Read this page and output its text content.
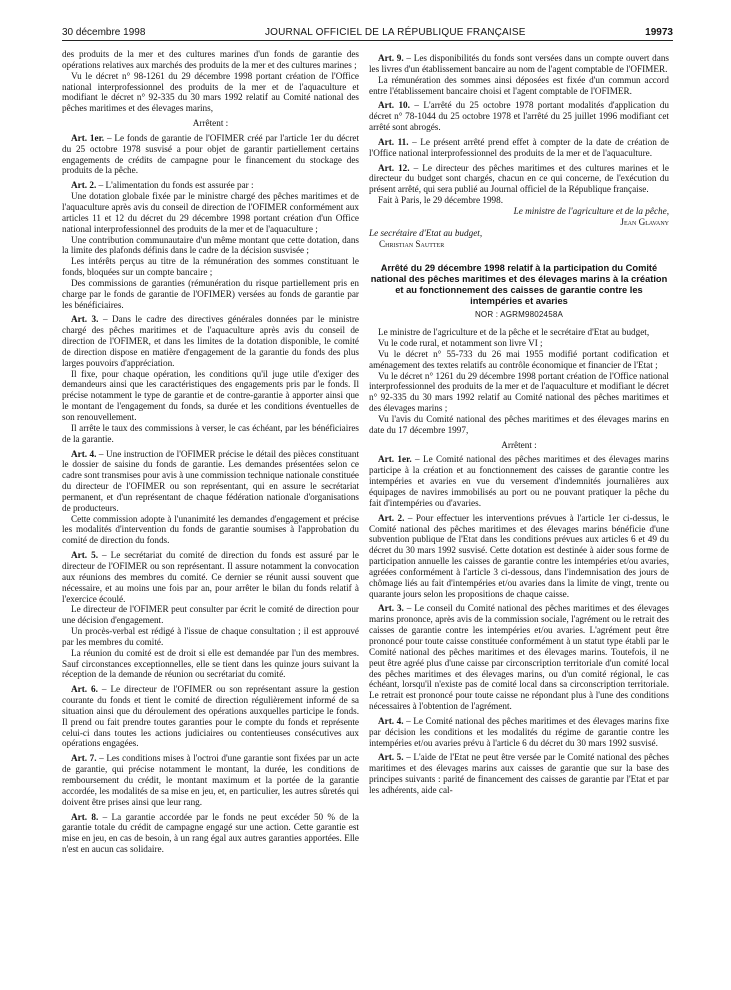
30 décembre 1998	JOURNAL OFFICIEL DE LA RÉPUBLIQUE FRANÇAISE	19973

des produits de la mer et des cultures marines d'un fonds de garantie des opérations relatives aux marchés des produits de la mer et des cultures marines ;

Vu le décret n° 98-1261 du 29 décembre 1998 portant création de l'Office national interprofessionnel des produits de la mer et de l'aquaculture et modifiant le décret n° 92-335 du 30 mars 1992 relatif au Comité national des pêches maritimes et des élevages marins,

Arrêtent :

Art. 1er. – Le fonds de garantie de l'OFIMER créé par l'article 1er du décret du 25 octobre 1978 susvisé a pour objet de garantir partiellement certains engagements de crédits de campagne pour le financement du stockage des produits de la pêche.

Art. 2. – L'alimentation du fonds est assurée par :

Une dotation globale fixée par le ministre chargé des pêches maritimes et de l'aquaculture après avis du conseil de direction de l'OFIMER conformément aux articles 11 et 12 du décret du 29 décembre 1998 portant création d'un Office national interprofessionnel des produits de la mer et de l'aquaculture ;

Une contribution communautaire d'un même montant que cette dotation, dans la limite des plafonds définis dans le cadre de la décision susvisée ;

Les intérêts perçus au titre de la rémunération des sommes constituant le fonds, bloquées sur un compte bancaire ;

Des commissions de garanties (rémunération du risque partiellement pris en charge par le fonds de garantie de l'OFIMER) versées au fonds de garantie par les bénéficiaires.

Art. 3. – Dans le cadre des directives générales données par le ministre chargé des pêches maritimes et de l'aquaculture après avis du conseil de direction de l'OFIMER, et dans les limites de la dotation disponible, le comité de direction dispose en matière d'engagement de la garantie du fonds des plus larges pouvoirs d'appréciation.

Il fixe, pour chaque opération, les conditions qu'il juge utile d'exiger des demandeurs ainsi que les caractéristiques des engagements pris par le fonds. Il précise notamment le type de garantie et de contre-garantie à apporter ainsi que le montant de l'engagement du fonds, sa durée et les conditions éventuelles de son renouvellement.

Il arrête le taux des commissions à verser, le cas échéant, par les bénéficiaires de la garantie.

Art. 4. – Une instruction de l'OFIMER précise le détail des pièces constituant le dossier de saisine du fonds de garantie. Les demandes présentées selon ce cadre sont transmises pour avis à une commission technique nationale constituée du directeur de l'OFIMER ou son représentant, qui en assure le secrétariat permanent, et d'un représentant de chaque fédération nationale d'organisations de producteurs.

Cette commission adopte à l'unanimité les demandes d'engagement et précise les modalités d'intervention du fonds de garantie soumises à l'approbation du comité de direction du fonds.

Art. 5. – Le secrétariat du comité de direction du fonds est assuré par le directeur de l'OFIMER ou son représentant. Il assure notamment la convocation aux réunions des membres du comité. Ce dernier se réunit aussi souvent que nécessaire, et au moins une fois par an, pour arrêter le bilan du fonds relatif à l'exercice écoulé.

Le directeur de l'OFIMER peut consulter par écrit le comité de direction pour une décision d'engagement.

Un procès-verbal est rédigé à l'issue de chaque consultation ; il est approuvé par les membres du comité.

La réunion du comité est de droit si elle est demandée par l'un des membres. Sauf circonstances exceptionnelles, elle se tient dans les quinze jours suivant la réception de la demande de réunion ou secrétariat du comité.

Art. 6. – Le directeur de l'OFIMER ou son représentant assure la gestion courante du fonds et tient le comité de direction régulièrement informé de sa situation ainsi que du déroulement des opérations auxquelles participe le fonds. Il prend ou fait prendre toutes garanties pour le compte du fonds et représente celui-ci dans toutes les actions judiciaires ou contentieuses consécutives aux opérations engagées.

Art. 7. – Les conditions mises à l'octroi d'une garantie sont fixées par un acte de garantie, qui précise notamment le montant, la durée, les conditions de remboursement du crédit, le montant maximum et la portée de la garantie accordée, les modalités de sa mise en jeu, et, en particulier, les autres sûretés qui doivent être prises ainsi que leur rang.

Art. 8. – La garantie accordée par le fonds ne peut excéder 50 % de la garantie totale du crédit de campagne engagé sur une action. Cette garantie est mise en jeu, en cas de besoin, à un rang égal aux autres garanties apportées. Elle n'est en aucun cas solidaire.

Art. 9. – Les disponibilités du fonds sont versées dans un compte ouvert dans les livres d'un établissement bancaire au nom de l'agent comptable de l'OFIMER.

La rémunération des sommes ainsi déposées est fixée d'un commun accord entre l'établissement bancaire choisi et l'agent comptable de l'OFIMER.

Art. 10. – L'arrêté du 25 octobre 1978 portant modalités d'application du décret n° 78-1044 du 25 octobre 1978 et l'arrêté du 25 juillet 1996 modifiant cet arrêté sont abrogés.

Art. 11. – Le présent arrêté prend effet à compter de la date de création de l'Office national interprofessionnel des produits de la mer et de l'aquaculture.

Art. 12. – Le directeur des pêches maritimes et des cultures marines et le directeur du budget sont chargés, chacun en ce qui concerne, de l'exécution du présent arrêté, qui sera publié au Journal officiel de la République française.

Fait à Paris, le 29 décembre 1998.

Le ministre de l'agriculture et de la pêche,

Jean Glavany

Le secrétaire d'Etat au budget,

Christian Sautter

Arrêté du 29 décembre 1998 relatif à la participation du Comité national des pêches maritimes et des élevages marins à la création et au fonctionnement des caisses de garantie contre les intempéries et avaries
NOR : AGRM9802458A

Le ministre de l'agriculture et de la pêche et le secrétaire d'Etat au budget,

Vu le code rural, et notamment son livre VI ;

Vu le décret n° 55-733 du 26 mai 1955 modifié portant codification et aménagement des textes relatifs au contrôle économique et financier de l'Etat ;

Vu le décret n° 1261 du 29 décembre 1998 portant création de l'Office national interprofessionnel des produits de la mer et de l'aquaculture et modifiant le décret n° 92-335 du 30 mars 1992 relatif au Comité national des pêches maritimes et des élevages marins ;

Vu l'avis du Comité national des pêches maritimes et des élevages marins en date du 17 décembre 1997,

Arrêtent :

Art. 1er. – Le Comité national des pêches maritimes et des élevages marins participe à la création et au fonctionnement des caisses de garantie contre les intempéries et avaries en vue du versement d'indemnités journalières aux équipages de navires immobilisés au port ou ne pouvant pratiquer la pêche du fait d'intempéries ou d'avaries.

Art. 2. – Pour effectuer les interventions prévues à l'article 1er ci-dessus, le Comité national des pêches maritimes et des élevages marins bénéficie d'une subvention publique de l'Etat dans les conditions prévues aux articles 6 et 49 du décret du 30 mars 1992 susvisé. Cette dotation est destinée à aider sous forme de participation annuelle les caisses de garantie contre les intempéries et/ou avaries, agréées conformément à l'article 3 ci-dessous, dans l'indemnisation des jours de chômage liés au fait d'intempéries et/ou avaries dans la limite de vingt, trente ou quarante jours selon les propositions de chaque caisse.

Art. 3. – Le conseil du Comité national des pêches maritimes et des élevages marins prononce, après avis de la commission sociale, l'agrément ou le retrait des caisses de garantie contre les intempéries et/ou avaries. L'agrément peut être prononcé pour toute caisse constituée conformément à un statut type établi par le Comité national des pêches maritimes et des élevages marins. Toutefois, il ne peut être agréé plus d'une caisse par circonscription territoriale d'un comité local des pêches maritimes et des élevages marins, ou d'un comité régional, le cas échéant, lorsqu'il n'existe pas de comité local dans sa circonscription territoriale. Le retrait est prononcé pour toute caisse ne répondant plus à l'une des conditions nécessaires à l'obtention de l'agrément.

Art. 4. – Le Comité national des pêches maritimes et des élevages marins fixe par décision les conditions et les modalités du régime de garantie contre les intempéries et/ou avaries prévu à l'article 6 du décret du 30 mars 1992 susvisé.

Art. 5. – L'aide de l'Etat ne peut être versée par le Comité national des pêches maritimes et des élevages marins aux caisses de garantie que sur la base des principes suivants : parité de financement des caisses de garantie par l'Etat et par les adhérents, aide cal-
